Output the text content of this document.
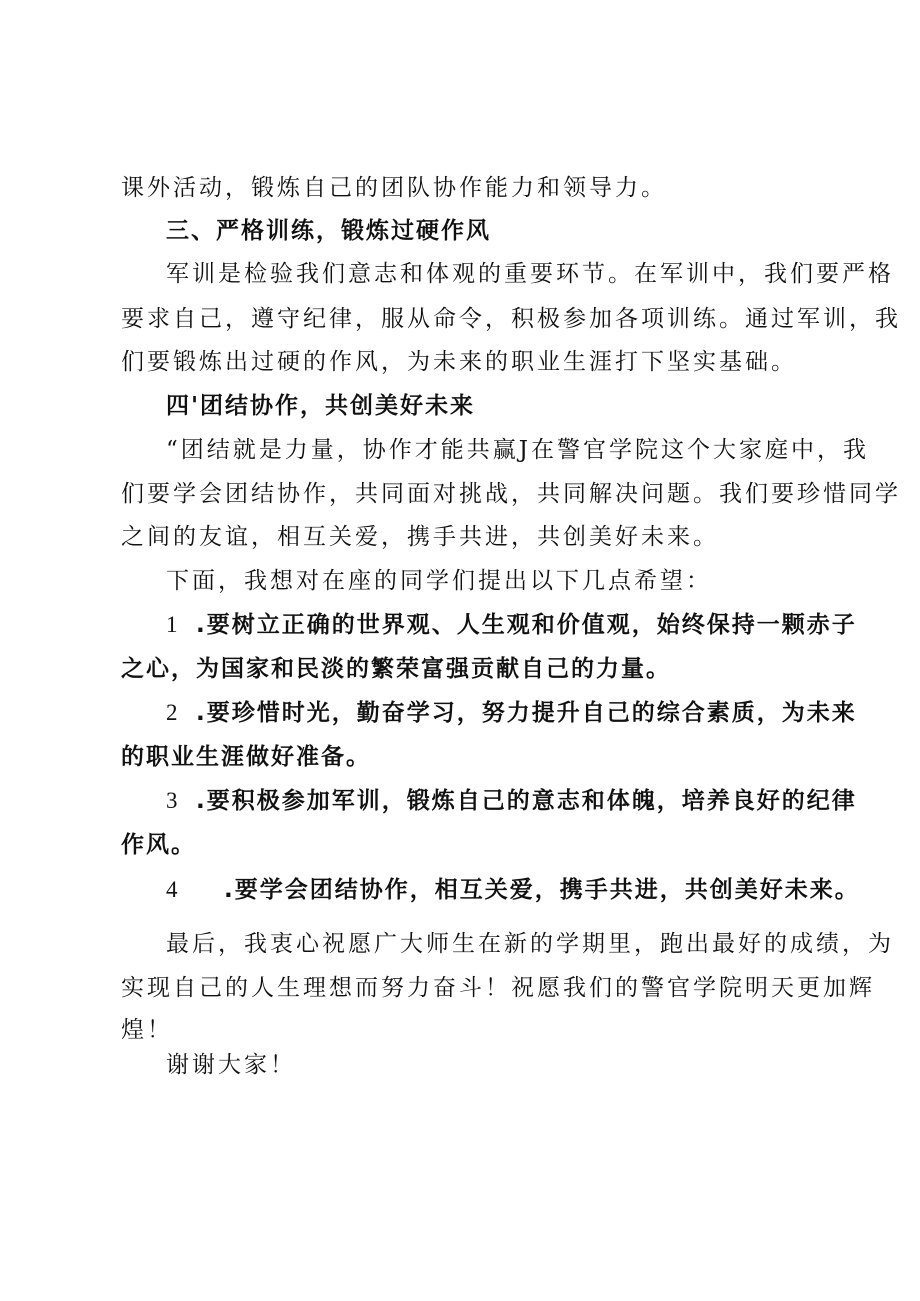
课外活动，锻炼自己的团队协作能力和领导力。

三、严格训练，锻炼过硬作风

军训是检验我们意志和体观的重要环节。在军训中，我们要严格

要求自己，遵守纪律，服从命令，积极参加各项训练。通过军训，我

们要锻炼出过硬的作风，为未来的职业生涯打下坚实基础。

四'团结协作，共创美好未来

“团结就是力量，协作才能共赢J在警官学院这个大家庭中，我

们要学会团结协作，共同面对挑战，共同解决问题。我们要珍惜同学

之间的友谊，相互关爱，携手共进，共创美好未来。

下面，我想对在座的同学们提出以下几点希望：

1 .要树立正确的世界观、人生观和价值观，始终保持一颗赤子

之心，为国家和民淡的繁荣富强贡献自己的力量。

2 .要珍惜时光，勤奋学习，努力提升自己的综合素质，为未来

的职业生涯做好准备。

3 .要积极参加军训，锻炼自己的意志和体魄，培养良好的纪律

作风。

4 .要学会团结协作，相互关爱，携手共进，共创美好未来。

最后，我衷心祝愿广大师生在新的学期里，跑出最好的成绩，为

实现自己的人生理想而努力奋斗！祝愿我们的警官学院明天更加辉

煌！

谢谢大家！
